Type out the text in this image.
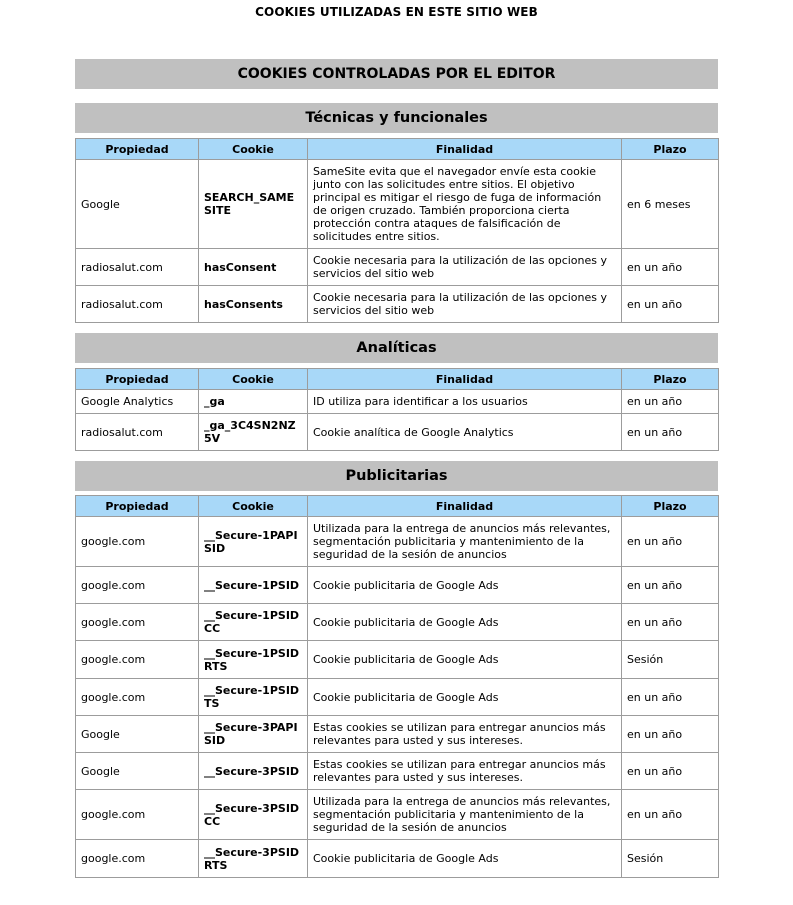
COOKIES UTILIZADAS EN ESTE SITIO WEB
COOKIES CONTROLADAS POR EL EDITOR
Técnicas y funcionales
Propiedad	Cookie	Finalidad	Plazo
Google	SEARCH_SAMESITE	SameSite evita que el navegador envíe esta cookie junto con las solicitudes entre sitios. El objetivo principal es mitigar el riesgo de fuga de información de origen cruzado. También proporciona cierta protección contra ataques de falsificación de solicitudes entre sitios.	en 6 meses
radiosalut.com	hasConsent	Cookie necesaria para la utilización de las opciones y servicios del sitio web	en un año
radiosalut.com	hasConsents	Cookie necesaria para la utilización de las opciones y servicios del sitio web	en un año
Analíticas
Propiedad	Cookie	Finalidad	Plazo
Google Analytics	_ga	ID utiliza para identificar a los usuarios	en un año
radiosalut.com	_ga_3C4SN2NZ5V	Cookie analítica de Google Analytics	en un año
Publicitarias
Propiedad	Cookie	Finalidad	Plazo
google.com	__Secure-1PAPISID	Utilizada para la entrega de anuncios más relevantes, segmentación publicitaria y mantenimiento de la seguridad de la sesión de anuncios	en un año
google.com	__Secure-1PSID	Cookie publicitaria de Google Ads	en un año
google.com	__Secure-1PSIDCC	Cookie publicitaria de Google Ads	en un año
google.com	__Secure-1PSIDRTS	Cookie publicitaria de Google Ads	Sesión
google.com	__Secure-1PSIDTS	Cookie publicitaria de Google Ads	en un año
Google	__Secure-3PAPISID	Estas cookies se utilizan para entregar anuncios más relevantes para usted y sus intereses.	en un año
Google	__Secure-3PSID	Estas cookies se utilizan para entregar anuncios más relevantes para usted y sus intereses.	en un año
google.com	__Secure-3PSIDCC	Utilizada para la entrega de anuncios más relevantes, segmentación publicitaria y mantenimiento de la seguridad de la sesión de anuncios	en un año
google.com	__Secure-3PSIDRTS	Cookie publicitaria de Google Ads	Sesión
